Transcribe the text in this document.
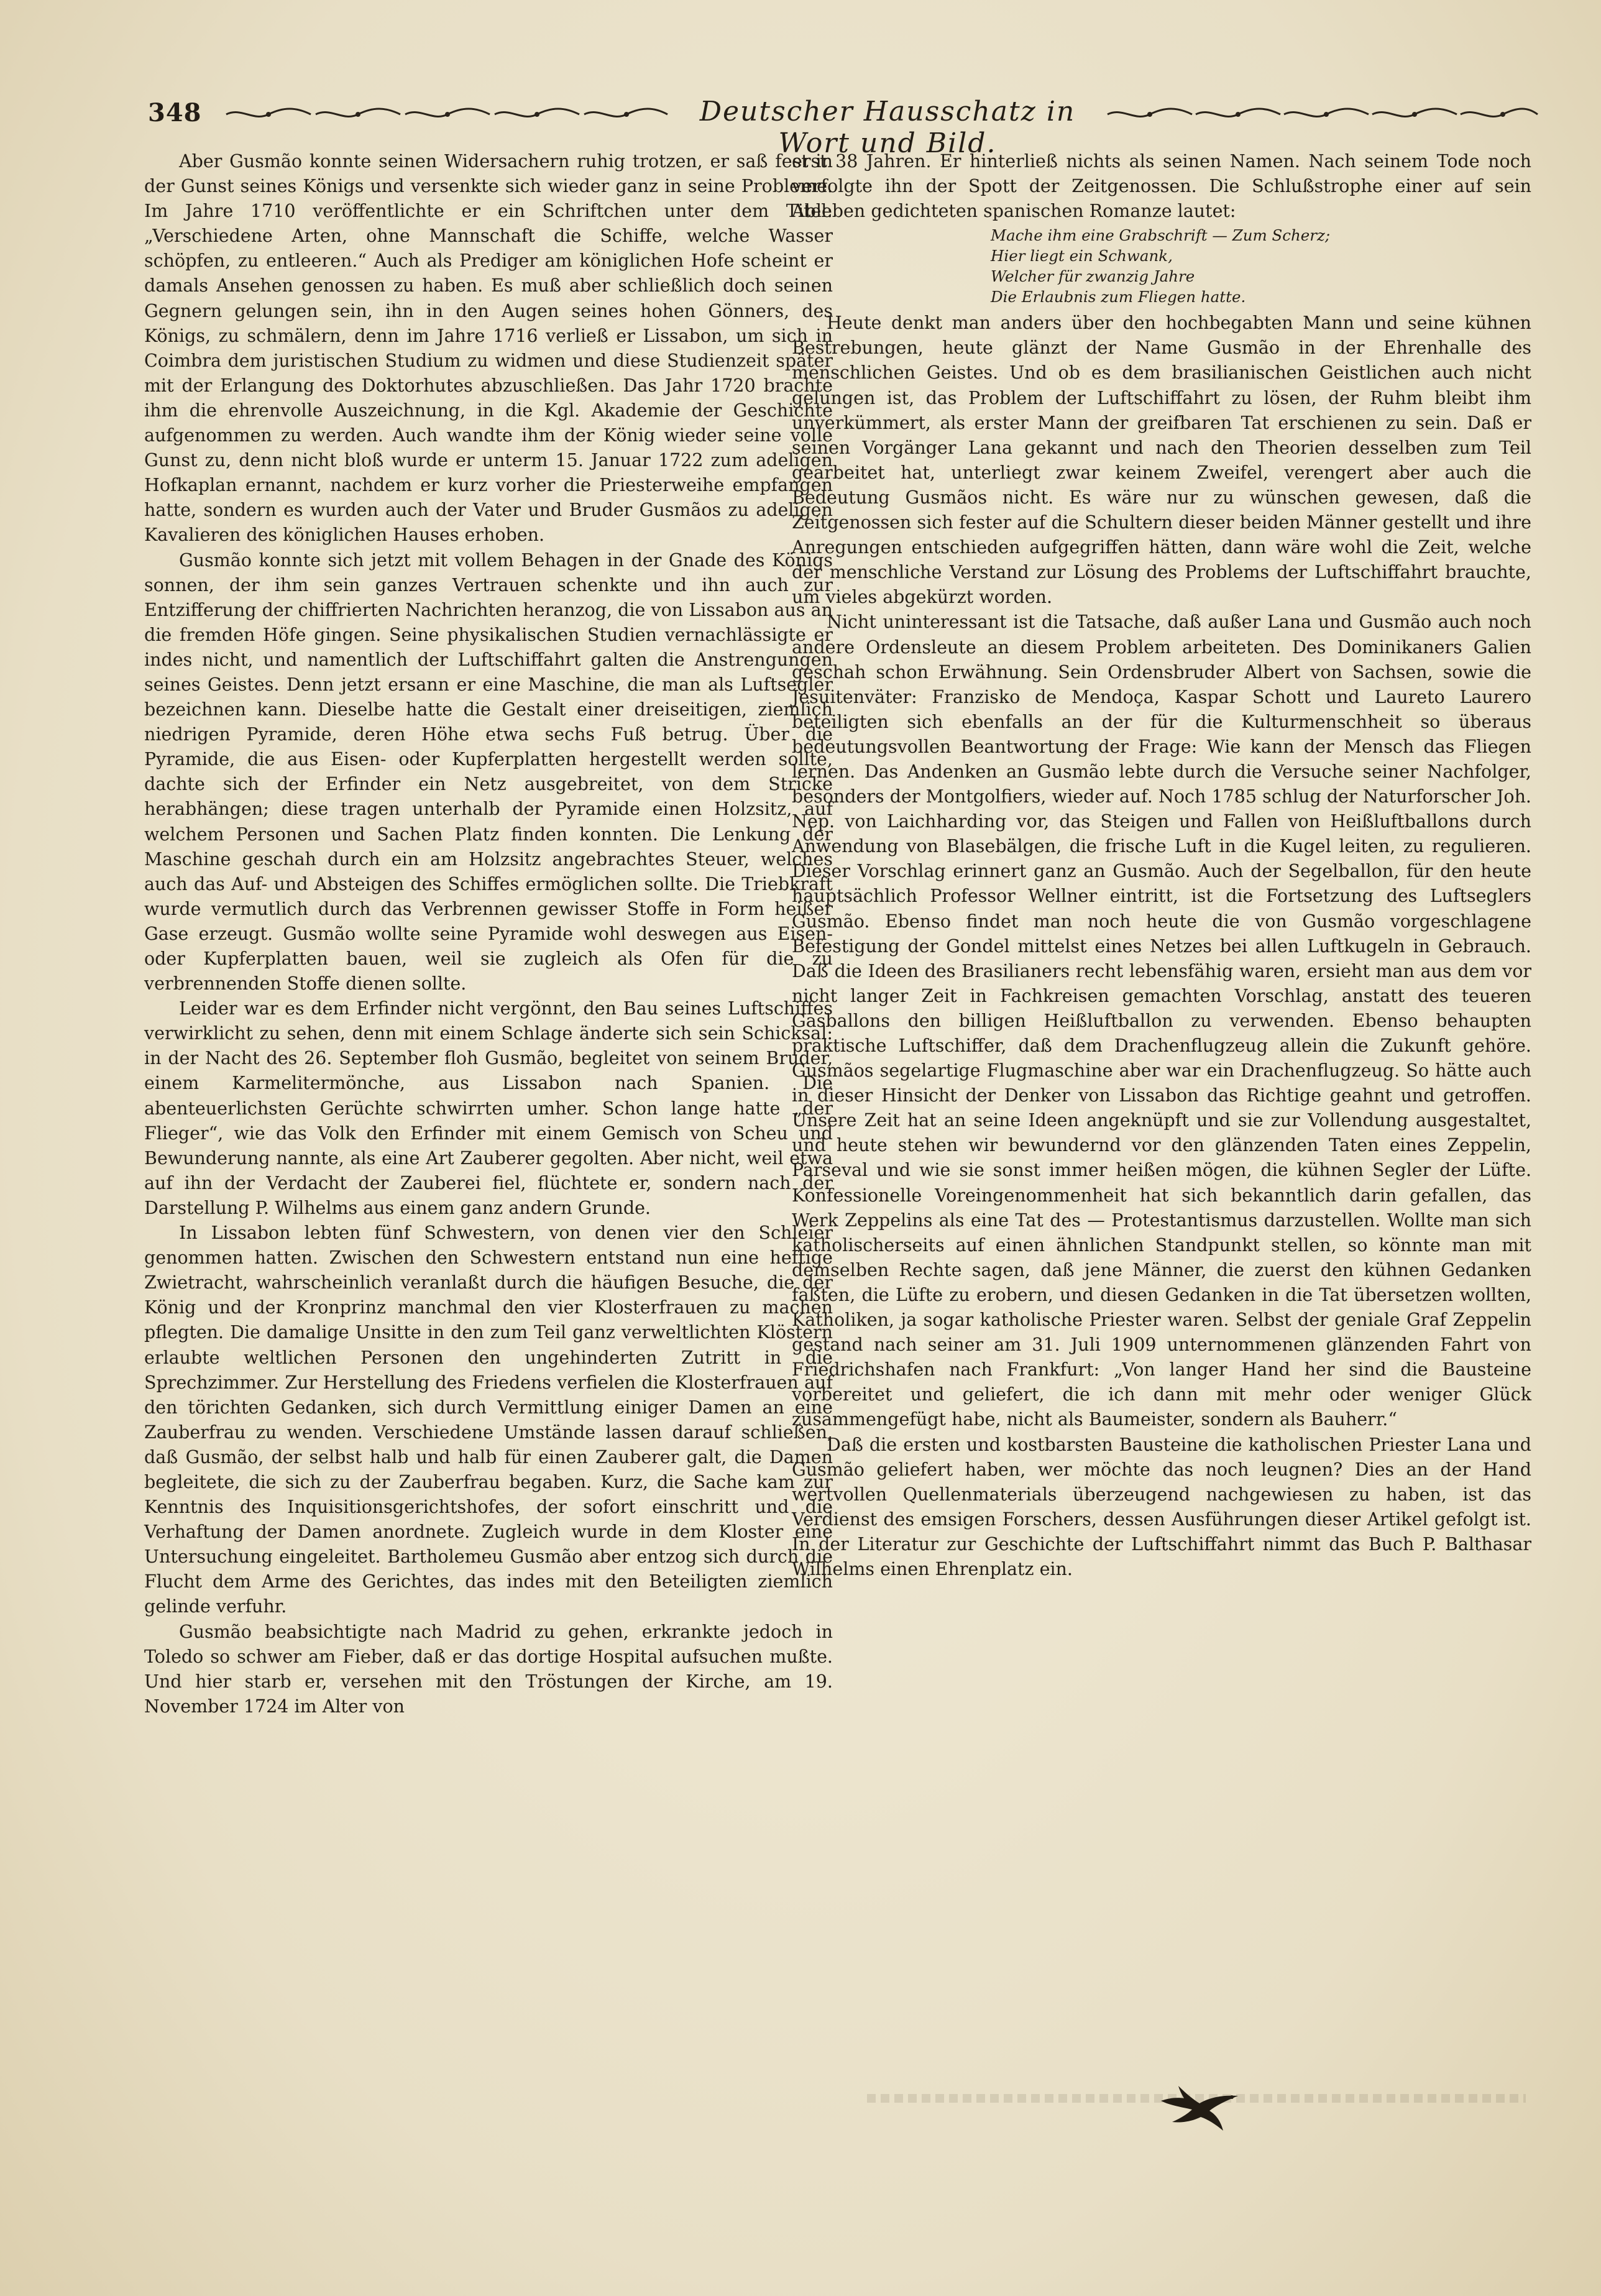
348	Deutscher Hausschatz in Wort und Bild.

Aber Gusmão konnte seinen Widersachern ruhig trotzen, er saß fest in der Gunst seines Königs und versenkte sich wieder ganz in seine Probleme. Im Jahre 1710 veröffentlichte er ein Schriftchen unter dem Titel: „Verschiedene Arten, ohne Mannschaft die Schiffe, welche Wasser schöpfen, zu entleeren.“ Auch als Prediger am königlichen Hofe scheint er damals Ansehen genossen zu haben. Es muß aber schließlich doch seinen Gegnern gelungen sein, ihn in den Augen seines hohen Gönners, des Königs, zu schmälern, denn im Jahre 1716 verließ er Lissabon, um sich in Coimbra dem juristischen Studium zu widmen und diese Studienzeit später mit der Erlangung des Doktorhutes abzuschließen. Das Jahr 1720 brachte ihm die ehrenvolle Auszeichnung, in die Kgl. Akademie der Geschichte aufgenommen zu werden. Auch wandte ihm der König wieder seine volle Gunst zu, denn nicht bloß wurde er unterm 15. Januar 1722 zum adeligen Hofkaplan ernannt, nachdem er kurz vorher die Priesterweihe empfangen hatte, sondern es wurden auch der Vater und Bruder Gusmãos zu adeligen Kavalieren des königlichen Hauses erhoben.

Gusmão konnte sich jetzt mit vollem Behagen in der Gnade des Königs sonnen, der ihm sein ganzes Vertrauen schenkte und ihn auch zur Entzifferung der chiffrierten Nachrichten heranzog, die von Lissabon aus an die fremden Höfe gingen. Seine physikalischen Studien vernachlässigte er indes nicht, und namentlich der Luftschiffahrt galten die Anstrengungen seines Geistes. Denn jetzt ersann er eine Maschine, die man als Luftsegler bezeichnen kann. Dieselbe hatte die Gestalt einer dreiseitigen, ziemlich niedrigen Pyramide, deren Höhe etwa sechs Fuß betrug. Über die Pyramide, die aus Eisen- oder Kupferplatten hergestellt werden sollte, dachte sich der Erfinder ein Netz ausgebreitet, von dem Stricke herabhängen; diese tragen unterhalb der Pyramide einen Holzsitz, auf welchem Personen und Sachen Platz finden konnten. Die Lenkung der Maschine geschah durch ein am Holzsitz angebrachtes Steuer, welches auch das Auf- und Absteigen des Schiffes ermöglichen sollte. Die Triebkraft wurde vermutlich durch das Verbrennen gewisser Stoffe in Form heißer Gase erzeugt. Gusmão wollte seine Pyramide wohl deswegen aus Eisen- oder Kupferplatten bauen, weil sie zugleich als Ofen für die zu verbrennenden Stoffe dienen sollte.

Leider war es dem Erfinder nicht vergönnt, den Bau seines Luftschiffes verwirklicht zu sehen, denn mit einem Schlage änderte sich sein Schicksal: in der Nacht des 26. September floh Gusmão, begleitet von seinem Bruder, einem Karmelitermönche, aus Lissabon nach Spanien. Die abenteuerlichsten Gerüchte schwirrten umher. Schon lange hatte „der Flieger“, wie das Volk den Erfinder mit einem Gemisch von Scheu und Bewunderung nannte, als eine Art Zauberer gegolten. Aber nicht, weil etwa auf ihn der Verdacht der Zauberei fiel, flüchtete er, sondern nach der Darstellung P. Wilhelms aus einem ganz andern Grunde.

In Lissabon lebten fünf Schwestern, von denen vier den Schleier genommen hatten. Zwischen den Schwestern entstand nun eine heftige Zwietracht, wahrscheinlich veranlaßt durch die häufigen Besuche, die der König und der Kronprinz manchmal den vier Klosterfrauen zu machen pflegten. Die damalige Unsitte in den zum Teil ganz verweltlichten Klöstern erlaubte weltlichen Personen den ungehinderten Zutritt in die Sprechzimmer. Zur Herstellung des Friedens verfielen die Klosterfrauen auf den törichten Gedanken, sich durch Vermittlung einiger Damen an eine Zauberfrau zu wenden. Verschiedene Umstände lassen darauf schließen, daß Gusmão, der selbst halb und halb für einen Zauberer galt, die Damen begleitete, die sich zu der Zauberfrau begaben. Kurz, die Sache kam zur Kenntnis des Inquisitionsgerichtshofes, der sofort einschritt und die Verhaftung der Damen anordnete. Zugleich wurde in dem Kloster eine Untersuchung eingeleitet. Bartholemeu Gusmão aber entzog sich durch die Flucht dem Arme des Gerichtes, das indes mit den Beteiligten ziemlich gelinde verfuhr.

Gusmão beabsichtigte nach Madrid zu gehen, erkrankte jedoch in Toledo so schwer am Fieber, daß er das dortige Hospital aufsuchen mußte. Und hier starb er, versehen mit den Tröstungen der Kirche, am 19. November 1724 im Alter von

erst 38 Jahren. Er hinterließ nichts als seinen Namen. Nach seinem Tode noch verfolgte ihn der Spott der Zeitgenossen. Die Schlußstrophe einer auf sein Ableben gedichteten spanischen Romanze lautet:

Mache ihm eine Grabschrift — Zum Scherz;
Hier liegt ein Schwank,
Welcher für zwanzig Jahre
Die Erlaubnis zum Fliegen hatte.

Heute denkt man anders über den hochbegabten Mann und seine kühnen Bestrebungen, heute glänzt der Name Gusmão in der Ehrenhalle des menschlichen Geistes. Und ob es dem brasilianischen Geistlichen auch nicht gelungen ist, das Problem der Luftschiffahrt zu lösen, der Ruhm bleibt ihm unverkümmert, als erster Mann der greifbaren Tat erschienen zu sein. Daß er seinen Vorgänger Lana gekannt und nach den Theorien desselben zum Teil gearbeitet hat, unterliegt zwar keinem Zweifel, verengert aber auch die Bedeutung Gusmãos nicht. Es wäre nur zu wünschen gewesen, daß die Zeitgenossen sich fester auf die Schultern dieser beiden Männer gestellt und ihre Anregungen entschieden aufgegriffen hätten, dann wäre wohl die Zeit, welche der menschliche Verstand zur Lösung des Problems der Luftschiffahrt brauchte, um vieles abgekürzt worden.

Nicht uninteressant ist die Tatsache, daß außer Lana und Gusmão auch noch andere Ordensleute an diesem Problem arbeiteten. Des Dominikaners Galien geschah schon Erwähnung. Sein Ordensbruder Albert von Sachsen, sowie die Jesuitenväter: Franzisko de Mendoça, Kaspar Schott und Laureto Laurero beteiligten sich ebenfalls an der für die Kulturmenschheit so überaus bedeutungsvollen Beantwortung der Frage: Wie kann der Mensch das Fliegen lernen. Das Andenken an Gusmão lebte durch die Versuche seiner Nachfolger, besonders der Montgolfiers, wieder auf. Noch 1785 schlug der Naturforscher Joh. Nep. von Laichharding vor, das Steigen und Fallen von Heißluftballons durch Anwendung von Blasebälgen, die frische Luft in die Kugel leiten, zu regulieren. Dieser Vorschlag erinnert ganz an Gusmão. Auch der Segelballon, für den heute hauptsächlich Professor Wellner eintritt, ist die Fortsetzung des Luftseglers Gusmão. Ebenso findet man noch heute die von Gusmão vorgeschlagene Befestigung der Gondel mittelst eines Netzes bei allen Luftkugeln in Gebrauch. Daß die Ideen des Brasilianers recht lebensfähig waren, ersieht man aus dem vor nicht langer Zeit in Fachkreisen gemachten Vorschlag, anstatt des teueren Gasballons den billigen Heißluftballon zu verwenden. Ebenso behaupten praktische Luftschiffer, daß dem Drachenflugzeug allein die Zukunft gehöre. Gusmãos segelartige Flugmaschine aber war ein Drachenflugzeug. So hätte auch in dieser Hinsicht der Denker von Lissabon das Richtige geahnt und getroffen. Unsere Zeit hat an seine Ideen angeknüpft und sie zur Vollendung ausgestaltet, und heute stehen wir bewundernd vor den glänzenden Taten eines Zeppelin, Parseval und wie sie sonst immer heißen mögen, die kühnen Segler der Lüfte. Konfessionelle Voreingenommenheit hat sich bekanntlich darin gefallen, das Werk Zeppelins als eine Tat des — Protestantismus darzustellen. Wollte man sich katholischerseits auf einen ähnlichen Standpunkt stellen, so könnte man mit demselben Rechte sagen, daß jene Männer, die zuerst den kühnen Gedanken faßten, die Lüfte zu erobern, und diesen Gedanken in die Tat übersetzen wollten, Katholiken, ja sogar katholische Priester waren. Selbst der geniale Graf Zeppelin gestand nach seiner am 31. Juli 1909 unternommenen glänzenden Fahrt von Friedrichshafen nach Frankfurt: „Von langer Hand her sind die Bausteine vorbereitet und geliefert, die ich dann mit mehr oder weniger Glück zusammengefügt habe, nicht als Baumeister, sondern als Bauherr.“

Daß die ersten und kostbarsten Bausteine die katholischen Priester Lana und Gusmão geliefert haben, wer möchte das noch leugnen? Dies an der Hand wertvollen Quellenmaterials überzeugend nachgewiesen zu haben, ist das Verdienst des emsigen Forschers, dessen Ausführungen dieser Artikel gefolgt ist. In der Literatur zur Geschichte der Luftschiffahrt nimmt das Buch P. Balthasar Wilhelms einen Ehrenplatz ein.
